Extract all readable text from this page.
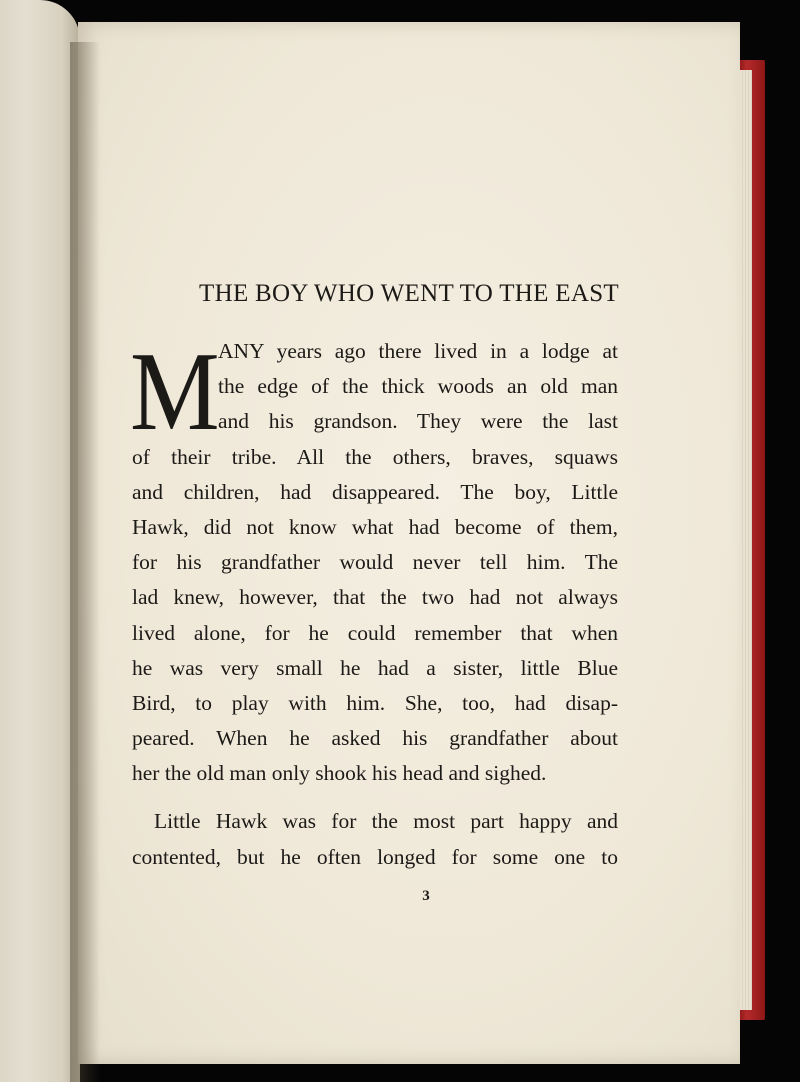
THE BOY WHO WENT TO THE EAST
M
ANY years ago there lived in a lodge at
the edge of the thick woods an old man
and his grandson. They were the last
of their tribe. All the others, braves, squaws
and children, had disappeared. The boy, Little
Hawk, did not know what had become of them,
for his grandfather would never tell him. The
lad knew, however, that the two had not always
lived alone, for he could remember that when
he was very small he had a sister, little Blue
Bird, to play with him. She, too, had disap-
peared. When he asked his grandfather about
her the old man only shook his head and sighed.
Little Hawk was for the most part happy and
contented, but he often longed for some one to
3
